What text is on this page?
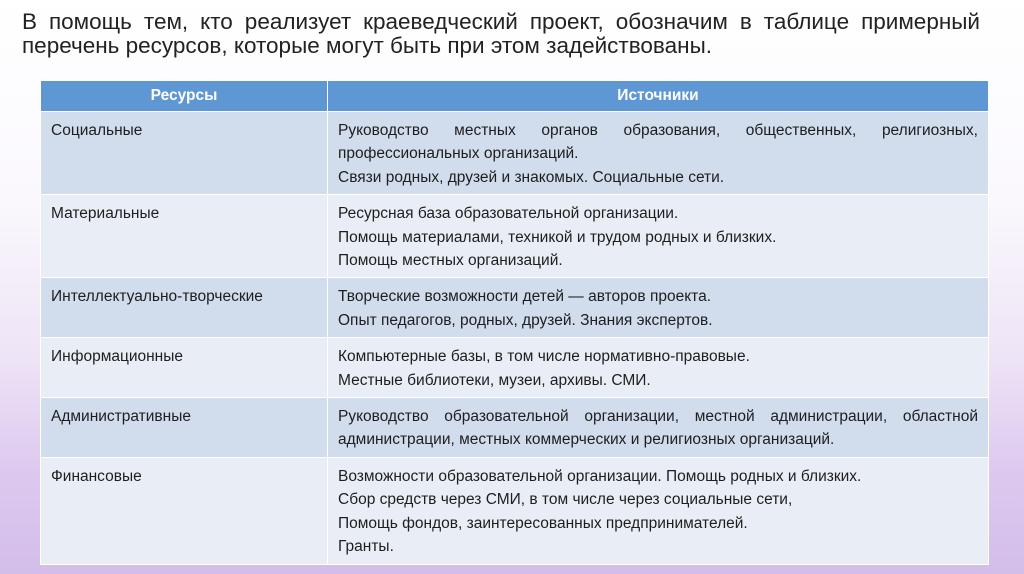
В помощь тем, кто реализует краеведческий проект, обозначим в таблице примерный перечень ресурсов, которые могут быть при этом задействованы.

Ресурсы	Источники
Социальные	Руководство местных органов образования, общественных, религиозных, профессиональных организаций.
Связи родных, друзей и знакомых. Социальные сети.

Материальные	Ресурсная база образовательной организации.
Помощь материалами, техникой и трудом родных и близких.
Помощь местных организаций.

Интеллектуально-творческие	Творческие возможности детей — авторов проекта.
Опыт педагогов, родных, друзей. Знания экспертов.

Информационные	Компьютерные базы, в том числе нормативно-правовые.
Местные библиотеки, музеи, архивы. СМИ.

Административные	Руководство образовательной организации, местной администрации, областной администрации, местных коммерческих и религиозных организаций.

Финансовые	Возможности образовательной организации. Помощь родных и близких.
Сбор средств через СМИ, в том числе через социальные сети,
Помощь фондов, заинтересованных предпринимателей.
Гранты.
